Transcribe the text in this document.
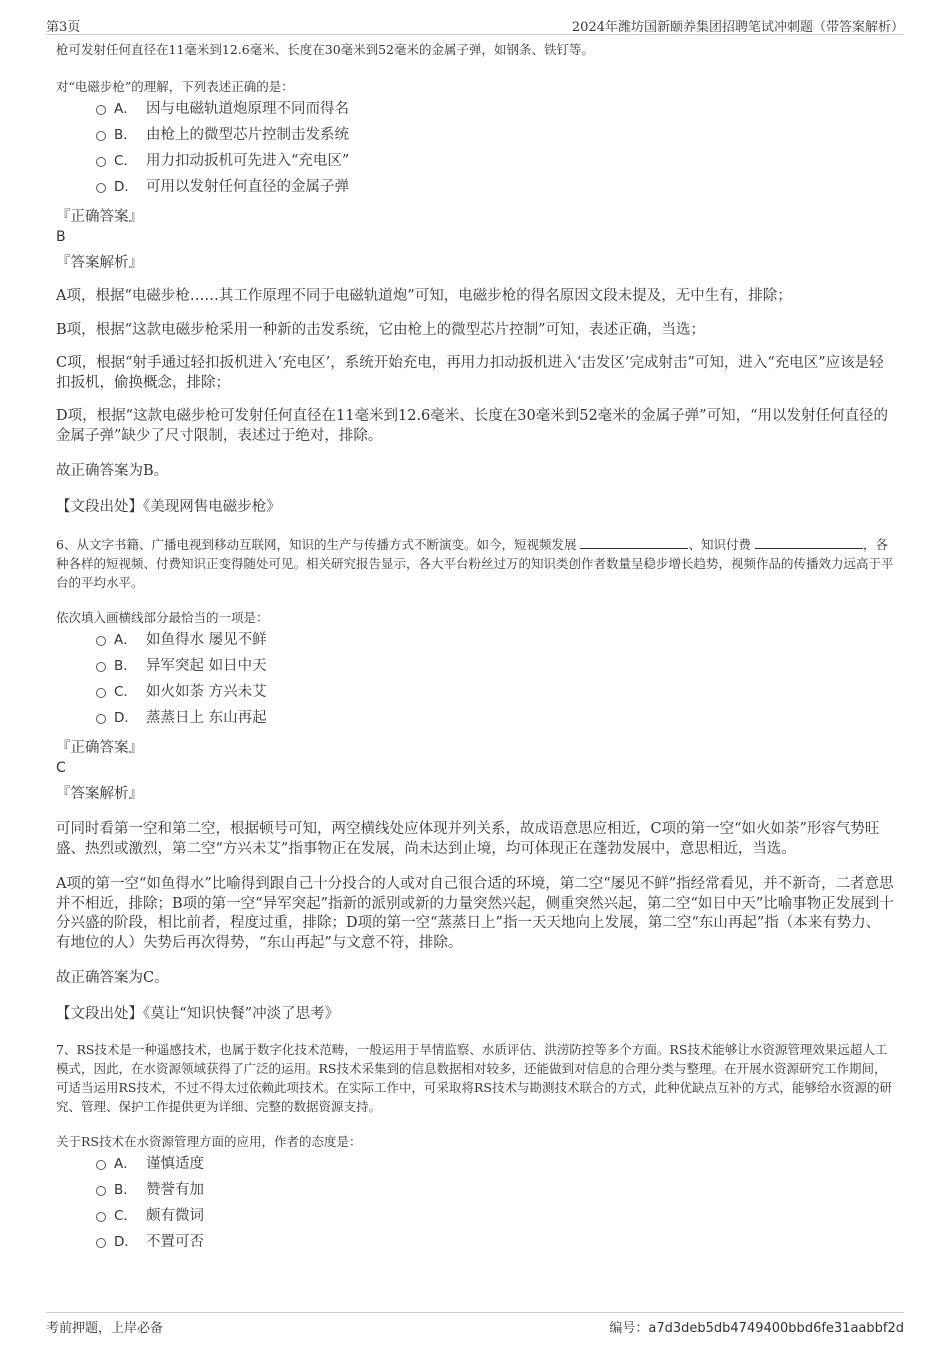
第3页	2024年潍坊国新颐养集团招聘笔试冲刺题（带答案解析）

枪可发射任何直径在11毫米到12.6毫米、长度在30毫米到52毫米的金属子弹，如钢条、铁钉等。

对“电磁步枪”的理解，下列表述正确的是：

A． 因与电磁轨道炮原理不同而得名
B． 由枪上的微型芯片控制击发系统
C． 用力扣动扳机可先进入“充电区”
D． 可用以发射任何直径的金属子弹

『正确答案』

B

『答案解析』

A项，根据“电磁步枪……其工作原理不同于电磁轨道炮”可知，电磁步枪的得名原因文段未提及，无中生有，排除；

B项，根据“这款电磁步枪采用一种新的击发系统，它由枪上的微型芯片控制”可知，表述正确，当选；

C项，根据“射手通过轻扣扳机进入‘充电区’，系统开始充电，再用力扣动扳机进入‘击发区’完成射击”可知，进入“充电区”应该是轻扣扳机，偷换概念，排除；

D项，根据“这款电磁步枪可发射任何直径在11毫米到12.6毫米、长度在30毫米到52毫米的金属子弹”可知，“用以发射任何直径的金属子弹”缺少了尺寸限制，表述过于绝对，排除。

故正确答案为B。

【文段出处】《美现网售电磁步枪》

6、从文字书籍、广播电视到移动互联网，知识的生产与传播方式不断演变。如今，短视频发展	、知识付费	，各种各样的短视频、付费知识正变得随处可见。相关研究报告显示，各大平台粉丝过万的知识类创作者数量呈稳步增长趋势，视频作品的传播效力远高于平台的平均水平。

依次填入画横线部分最恰当的一项是：

A． 如鱼得水 屡见不鲜
B． 异军突起 如日中天
C． 如火如荼 方兴未艾
D． 蒸蒸日上 东山再起

『正确答案』

C

『答案解析』

可同时看第一空和第二空，根据顿号可知，两空横线处应体现并列关系，故成语意思应相近，C项的第一空“如火如荼”形容气势旺盛、热烈或激烈，第二空“方兴未艾”指事物正在发展，尚未达到止境，均可体现正在蓬勃发展中，意思相近，当选。

A项的第一空“如鱼得水”比喻得到跟自己十分投合的人或对自己很合适的环境，第二空“屡见不鲜”指经常看见，并不新奇，二者意思并不相近，排除；B项的第一空“异军突起”指新的派别或新的力量突然兴起，侧重突然兴起，第二空“如日中天”比喻事物正发展到十分兴盛的阶段，相比前者，程度过重，排除；D项的第一空“蒸蒸日上”指一天天地向上发展，第二空“东山再起”指（本来有势力、有地位的人）失势后再次得势，“东山再起”与文意不符，排除。

故正确答案为C。

【文段出处】《莫让“知识快餐”冲淡了思考》

7、RS技术是一种遥感技术，也属于数字化技术范畴，一般运用于旱情监察、水质评估、洪涝防控等多个方面。RS技术能够让水资源管理效果远超人工模式，因此，在水资源领域获得了广泛的运用。RS技术采集到的信息数据相对较多，还能做到对信息的合理分类与整理。在开展水资源研究工作期间，可适当运用RS技术，不过不得太过依赖此项技术。在实际工作中，可采取将RS技术与勘测技术联合的方式，此种优缺点互补的方式，能够给水资源的研究、管理、保护工作提供更为详细、完整的数据资源支持。

关于RS技术在水资源管理方面的应用，作者的态度是：

A． 谨慎适度
B． 赞誉有加
C． 颇有微词
D． 不置可否
考前押题，上岸必备	编号：a7d3deb5db4749400bbd6fe31aabbf2d
